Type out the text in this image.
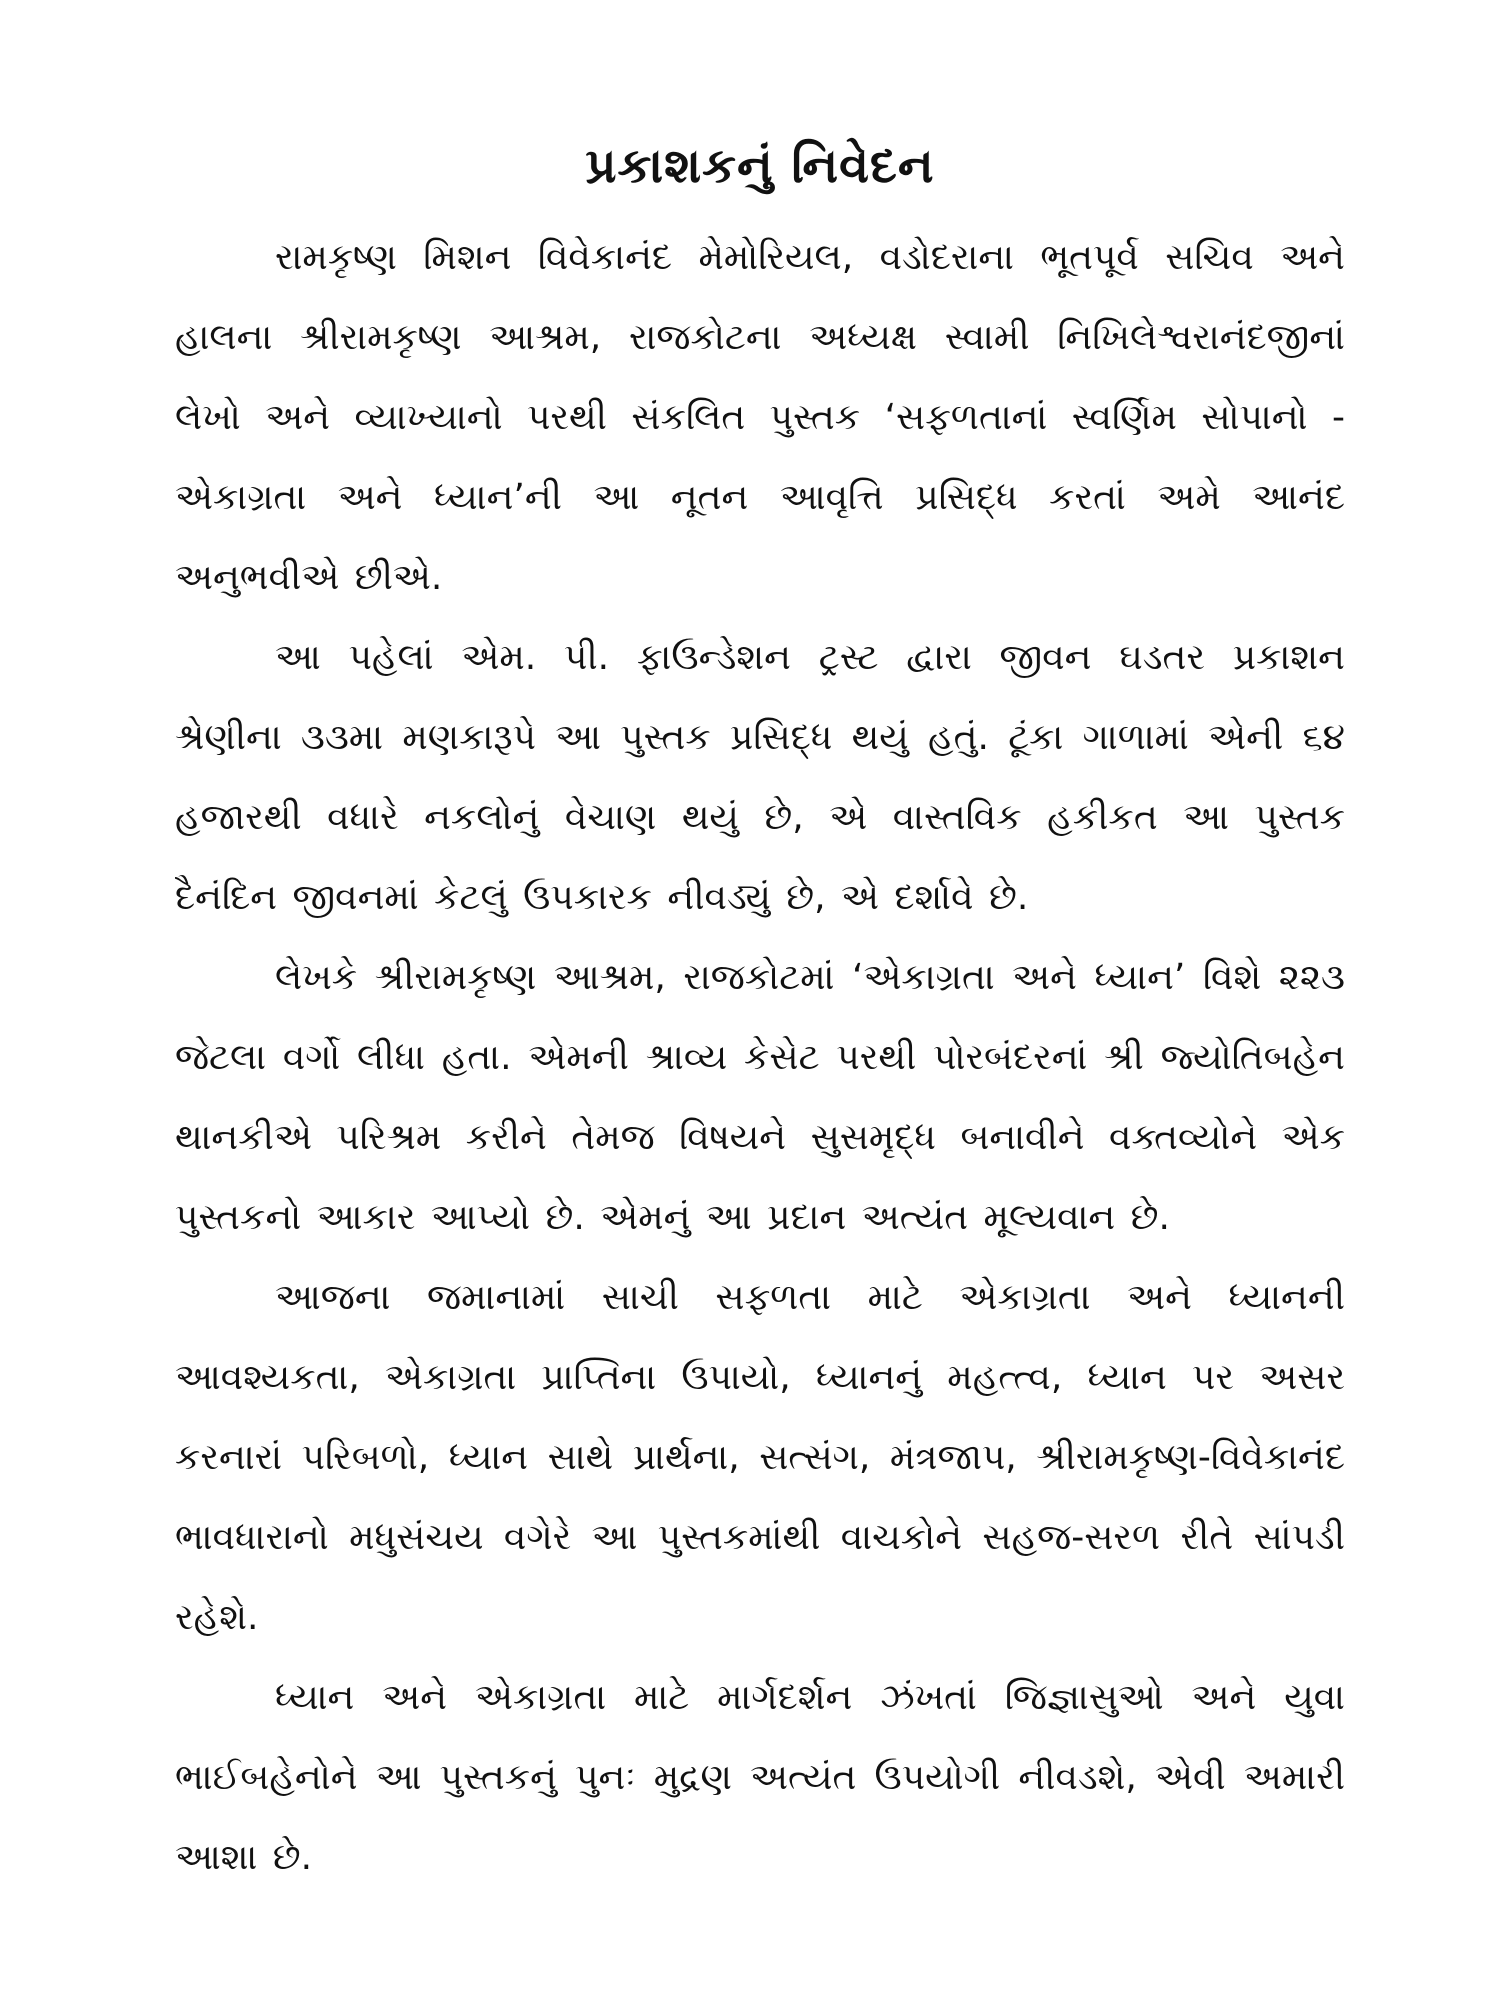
પ્રકાશકનું નિવેદન

રામકૃષ્ણ મિશન વિવેકાનંદ મેમોરિયલ, વડોદરાના ભૂતપૂર્વ સચિવ અને હાલના શ્રીરામકૃષ્ણ આશ્રમ, રાજકોટના અધ્યક્ષ સ્વામી નિખિલેશ્વરાનંદજીનાં લેખો અને વ્યાખ્યાનો પરથી સંકલિત પુસ્તક ‘સફળતાનાં સ્વર્ણિમ સોપાનો - એકાગ્રતા અને ધ્યાન’ની આ નૂતન આવૃત્તિ પ્રસિદ્ધ કરતાં અમે આનંદ અનુભવીએ છીએ.

આ પહેલાં એમ. પી. ફાઉન્ડેશન ટ્રસ્ટ દ્વારા જીવન ઘડતર પ્રકાશન શ્રેણીના ૩૩મા મણકારૂપે આ પુસ્તક પ્રસિદ્ધ થયું હતું. ટૂંકા ગાળામાં એની ૬૪ હજારથી વધારે નકલોનું વેચાણ થયું છે, એ વાસ્તવિક હકીકત આ પુસ્તક દૈનંદિન જીવનમાં કેટલું ઉપકારક નીવડ્યું છે, એ દર્શાવે છે.

લેખકે શ્રીરામકૃષ્ણ આશ્રમ, રાજકોટમાં ‘એકાગ્રતા અને ધ્યાન’ વિશે ૨૨૩ જેટલા વર્ગો લીધા હતા. એમની શ્રાવ્ય કેસેટ પરથી પોરબંદરનાં શ્રી જ્યોતિબહેન થાનકીએ પરિશ્રમ કરીને તેમજ વિષયને સુસમૃદ્ધ બનાવીને વક્તવ્યોને એક પુસ્તકનો આકાર આપ્યો છે. એમનું આ પ્રદાન અત્યંત મૂલ્યવાન છે.

આજના જમાનામાં સાચી સફળતા માટે એકાગ્રતા અને ધ્યાનની આવશ્યકતા, એકાગ્રતા પ્રાપ્તિના ઉપાયો, ધ્યાનનું મહત્ત્વ, ધ્યાન પર અસર કરનારાં પરિબળો, ધ્યાન સાથે પ્રાર્થના, સત્સંગ, મંત્રજાપ, શ્રીરામકૃષ્ણ-વિવેકાનંદ ભાવધારાનો મધુસંચય વગેરે આ પુસ્તકમાંથી વાચકોને સહજ-સરળ રીતે સાંપડી રહેશે.

ધ્યાન અને એકાગ્રતા માટે માર્ગદર્શન ઝંખતાં જિજ્ઞાસુઓ અને યુવા ભાઈબહેનોને આ પુસ્તકનું પુનઃ મુદ્રણ અત્યંત ઉપયોગી નીવડશે, એવી અમારી આશા છે.
